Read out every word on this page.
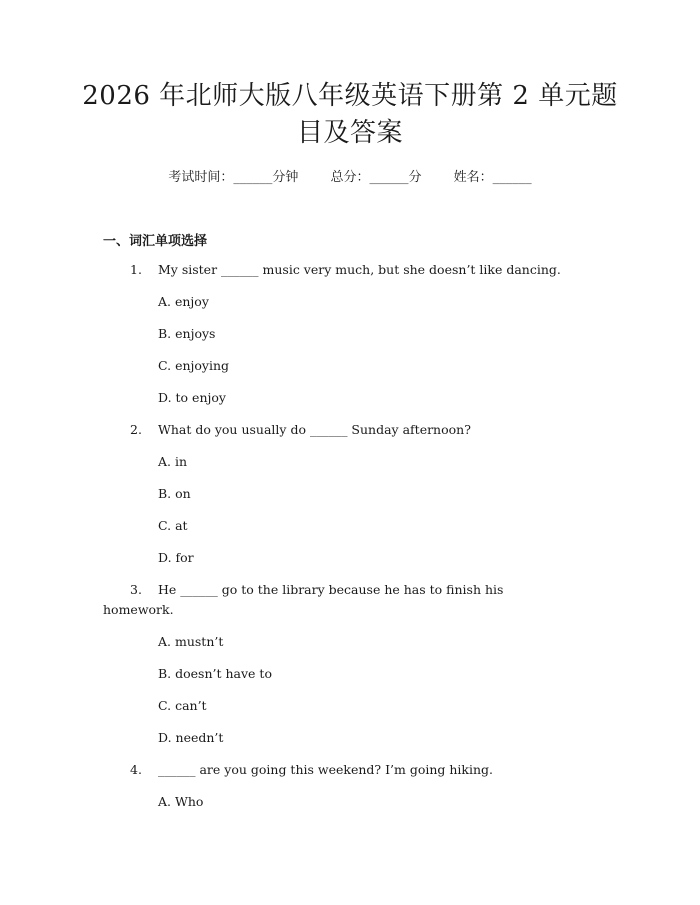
2026 年北师大版八年级英语下册第 2 单元题
目及答案
考试时间：______分钟 总分：______分 姓名：______
一、词汇单项选择
1.	My sister ______ music very much, but she doesn’t like dancing.
A. enjoy
B. enjoys
C. enjoying
D. to enjoy
2.	What do you usually do ______ Sunday afternoon?
A. in
B. on
C. at
D. for
3.	He ______ go to the library because he has to finish his
homework.
A. mustn’t
B. doesn’t have to
C. can’t
D. needn’t
4.	______ are you going this weekend? I’m going hiking.
A. Who
